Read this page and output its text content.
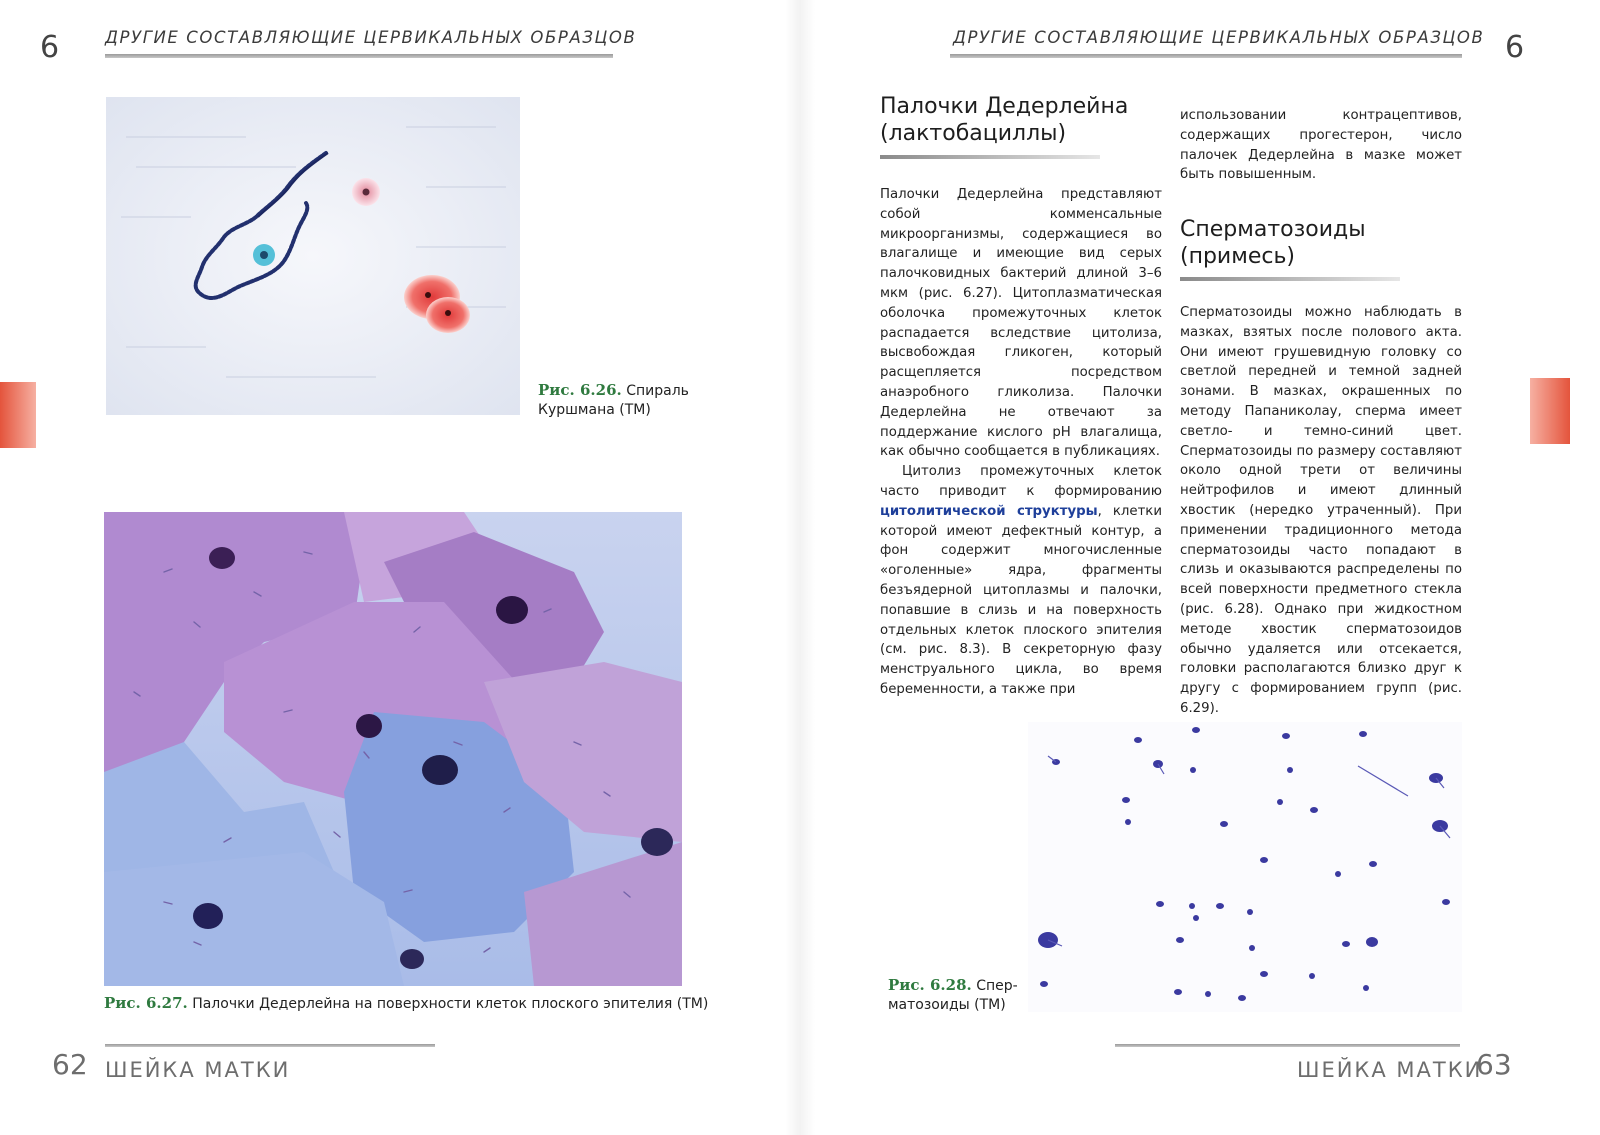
6	ДРУГИЕ СОСТАВЛЯЮЩИЕ ЦЕРВИКАЛЬНЫХ ОБРАЗЦОВ
Рис. 6.26. Спираль
Куршмана (ТМ)
Рис. 6.27. Палочки Дедерлейна на поверхности клеток плоского эпителия (ТМ)
62 ШЕЙКА МАТКИ
ДРУГИЕ СОСТАВЛЯЮЩИЕ ЦЕРВИКАЛЬНЫХ ОБРАЗЦОВ 6
Палочки Дедерлейна
(лактобациллы)

Палочки Дедерлейна представляют собой комменсальные микроорганизмы, содержащиеся во влагалище и имеющие вид серых палочковидных бактерий длиной 3–6 мкм (рис. 6.27). Цитоплазматическая оболочка промежуточных клеток распадается вследствие цитолиза, высвобождая гликоген, который расщепляется посредством анаэробного гликолиза. Палочки Дедерлейна не отвечают за поддержание кислого pH влагалища, как обычно сообщается в публикациях.

Цитолиз промежуточных клеток часто приводит к формированию цитолитической структуры, клетки которой имеют дефектный контур, а фон содержит многочисленные «оголенные» ядра, фрагменты безъядерной цитоплазмы и палочки, попавшие в слизь и на поверхность отдельных клеток плоского эпителия (см. рис. 8.3). В секреторную фазу менструального цикла, во время беременности, а также при

использовании контрацептивов, содержащих прогестерон, число палочек Дедерлейна в мазке может быть повышенным.

Сперматозоиды
(примесь)

Сперматозоиды можно наблюдать в мазках, взятых после полового акта. Они имеют грушевидную головку со светлой передней и темной задней зонами. В мазках, окрашенных по методу Папаниколау, сперма имеет светло- и темно-синий цвет. Сперматозоиды по размеру составляют около одной трети от величины нейтрофилов и имеют длинный хвостик (нередко утраченный). При применении традиционного метода сперматозоиды часто попадают в слизь и оказываются распределены по всей поверхности предметного стекла (рис. 6.28). Однако при жидкостном методе хвостик сперматозоидов обычно удаляется или отсекается, головки располагаются близко друг к другу с формированием групп (рис. 6.29).

Рис. 6.28. Спер-
матозоиды (ТМ)
ШЕЙКА МАТКИ
63
